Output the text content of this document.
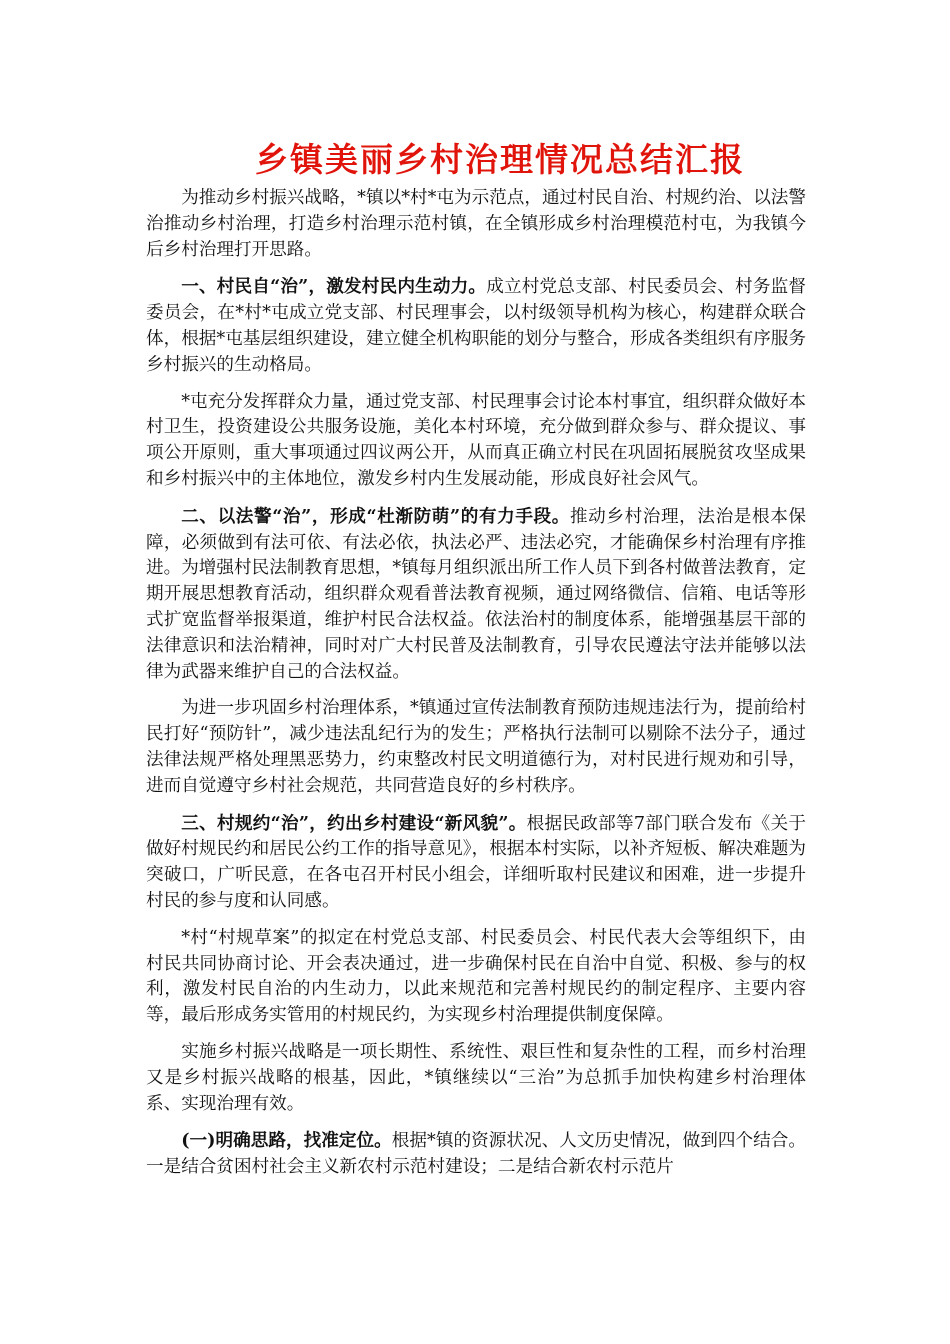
乡镇美丽乡村治理情况总结汇报

为推动乡村振兴战略，*镇以*村*屯为示范点，通过村民自治、村规约治、以法警治推动乡村治理，打造乡村治理示范村镇，在全镇形成乡村治理模范村屯，为我镇今后乡村治理打开思路。

一、村民自“治”，激发村民内生动力。成立村党总支部、村民委员会、村务监督委员会，在*村*屯成立党支部、村民理事会，以村级领导机构为核心，构建群众联合体，根据*屯基层组织建设，建立健全机构职能的划分与整合，形成各类组织有序服务乡村振兴的生动格局。

*屯充分发挥群众力量，通过党支部、村民理事会讨论本村事宜，组织群众做好本村卫生，投资建设公共服务设施，美化本村环境，充分做到群众参与、群众提议、事项公开原则，重大事项通过四议两公开，从而真正确立村民在巩固拓展脱贫攻坚成果和乡村振兴中的主体地位，激发乡村内生发展动能，形成良好社会风气。

二、以法警“治”，形成“杜渐防萌”的有力手段。推动乡村治理，法治是根本保障，必须做到有法可依、有法必依，执法必严、违法必究，才能确保乡村治理有序推进。为增强村民法制教育思想，*镇每月组织派出所工作人员下到各村做普法教育，定期开展思想教育活动，组织群众观看普法教育视频，通过网络微信、信箱、电话等形式扩宽监督举报渠道，维护村民合法权益。依法治村的制度体系，能增强基层干部的法律意识和法治精神，同时对广大村民普及法制教育，引导农民遵法守法并能够以法律为武器来维护自己的合法权益。

为进一步巩固乡村治理体系，*镇通过宣传法制教育预防违规违法行为，提前给村民打好“预防针”，减少违法乱纪行为的发生；严格执行法制可以剔除不法分子，通过法律法规严格处理黑恶势力，约束整改村民文明道德行为，对村民进行规劝和引导，进而自觉遵守乡村社会规范，共同营造良好的乡村秩序。

三、村规约“治”，约出乡村建设“新风貌”。根据民政部等7部门联合发布《关于做好村规民约和居民公约工作的指导意见》，根据本村实际，以补齐短板、解决难题为突破口，广听民意，在各屯召开村民小组会，详细听取村民建议和困难，进一步提升村民的参与度和认同感。

*村“村规草案”的拟定在村党总支部、村民委员会、村民代表大会等组织下，由村民共同协商讨论、开会表决通过，进一步确保村民在自治中自觉、积极、参与的权利，激发村民自治的内生动力，以此来规范和完善村规民约的制定程序、主要内容等，最后形成务实管用的村规民约，为实现乡村治理提供制度保障。

实施乡村振兴战略是一项长期性、系统性、艰巨性和复杂性的工程，而乡村治理又是乡村振兴战略的根基，因此，*镇继续以“三治”为总抓手加快构建乡村治理体系、实现治理有效。

(一)明确思路，找准定位。根据*镇的资源状况、人文历史情况，做到四个结合。一是结合贫困村社会主义新农村示范村建设；二是结合新农村示范片
